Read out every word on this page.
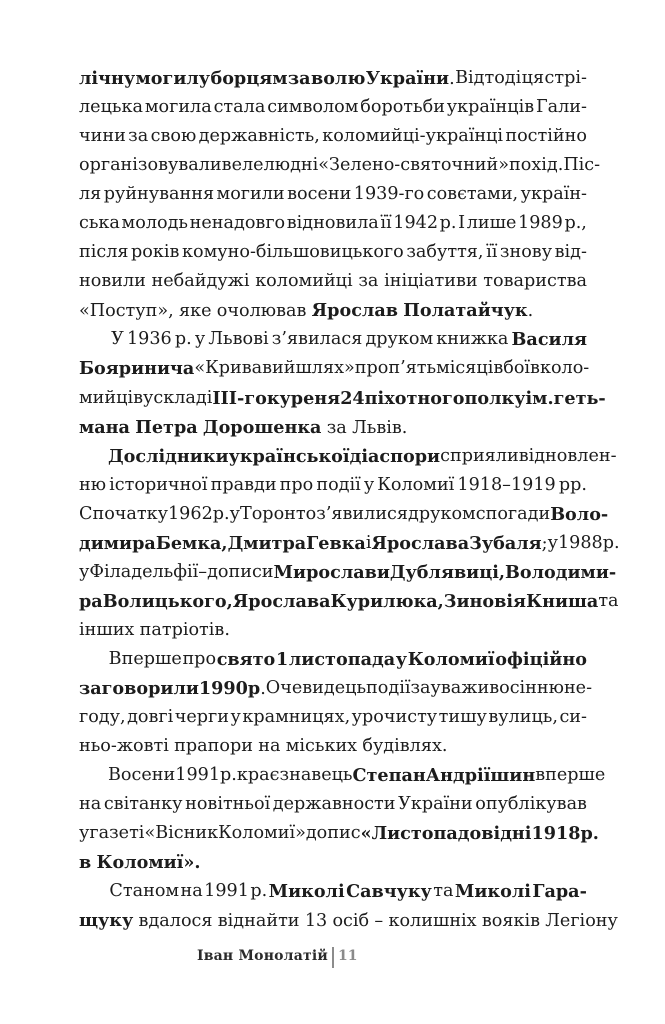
лічну могилу борцям за волю України. Відтоді ця стрі-
лецька могила стала символом боротьби українців Гали-
чини за свою державність, коломийці-українці постійно
організовували велелюдні «Зелено-святочний» похід. Піс-
ля руйнування могили восени 1939-го совєтами, україн-
ська молодь ненадовго відновила її 1942 р. І лише 1989 р.,
після років комуно-більшовицького забуття, її знову від-
новили небайдужі коломийці за ініціативи товариства
«Поступ», яке очолював Ярослав Полатайчук.
У 1936 р. у Львові з’явилася друком книжка Василя
Бояринича «Кривавий шлях» про п’ять місяців боїв коло-
мийців у складі ІІІ-го куреня 24 піхотного полку ім. геть-
мана Петра Дорошенка за Львів.
Дослідники української діаспори сприяли відновлен-
ню історичної правди про події у Коломиї 1918–1919 рр.
Спочатку 1962 р. у Торонто з’явилися друком спогади Воло-
димира Бемка, Дмитра Гевка і Ярослава Зубаля; у 1988 р.
у Філадельфії – дописи Мирослави Дублявиці, Володими-
ра Волицького, Ярослава Курилюка, Зиновія Книша та
інших патріотів.
Вперше про свято 1 листопада у Коломиї офіційно
заговорили 1990 р. Очевидець події зауважив осінню не-
году, довгі черги у крамницях, урочисту тишу вулиць, си-
ньо-жовті прапори на міських будівлях.
Восени 1991 р. краєзнавець Степан Андріїшин вперше
на світанку новітньої державности України опублікував
у газеті «Вісник Коломиї» допис «Листопадові дні 1918 р.
в Коломиї».
Станом на 1991 р. Миколі Савчуку та Миколі Гара-
щуку вдалося віднайти 13 осіб – колишніх вояків Легіону
Іван Монолатій 11
